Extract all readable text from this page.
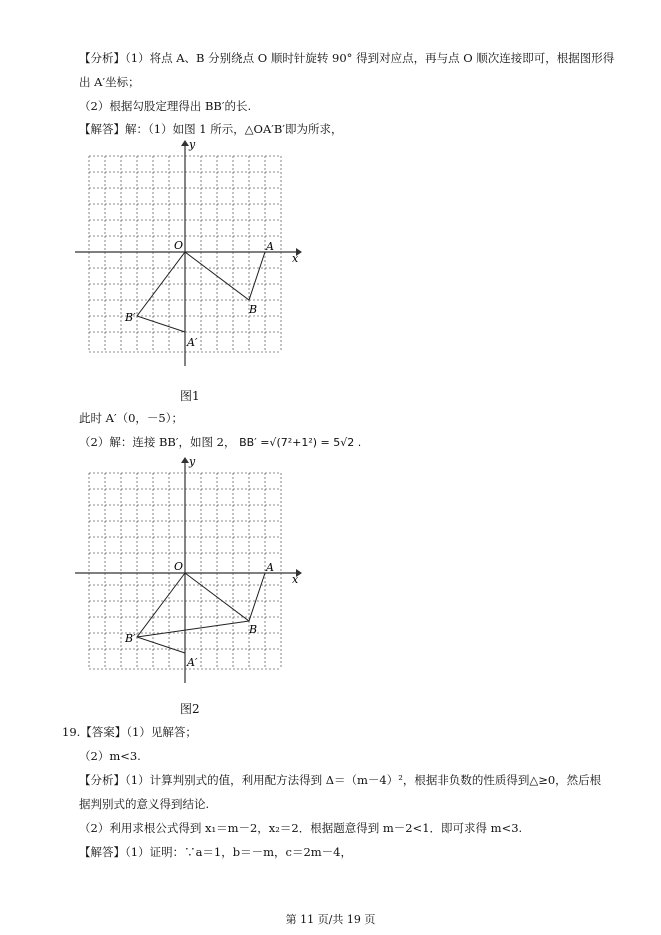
【分析】（1）将点 A、B 分别绕点 O 顺时针旋转 90° 得到对应点，再与点 O 顺次连接即可，根据图形得
出 A′坐标；
（2）根据勾股定理得出 BB′的长.
【解答】解：（1）如图 1 所示，△OA′B′即为所求，
y
x
O	A
B
B′
A′
图1
此时 A′（0，－5）；
（2）解：连接 BB′，如图 2， BB′ =√(7²+1²) = 5√2 .
y
x
O	A
B
B′
A′
图2
19.【答案】（1）见解答；
（2）m<3.
【分析】（1）计算判别式的值，利用配方法得到 Δ＝（m－4）²，根据非负数的性质得到△≥0，然后根
据判别式的意义得到结论.
（2）利用求根公式得到 x₁＝m－2，x₂＝2．根据题意得到 m－2<1．即可求得 m<3.
【解答】（1）证明：∵a＝1，b＝－m，c＝2m－4，
第 11 页/共 19 页
